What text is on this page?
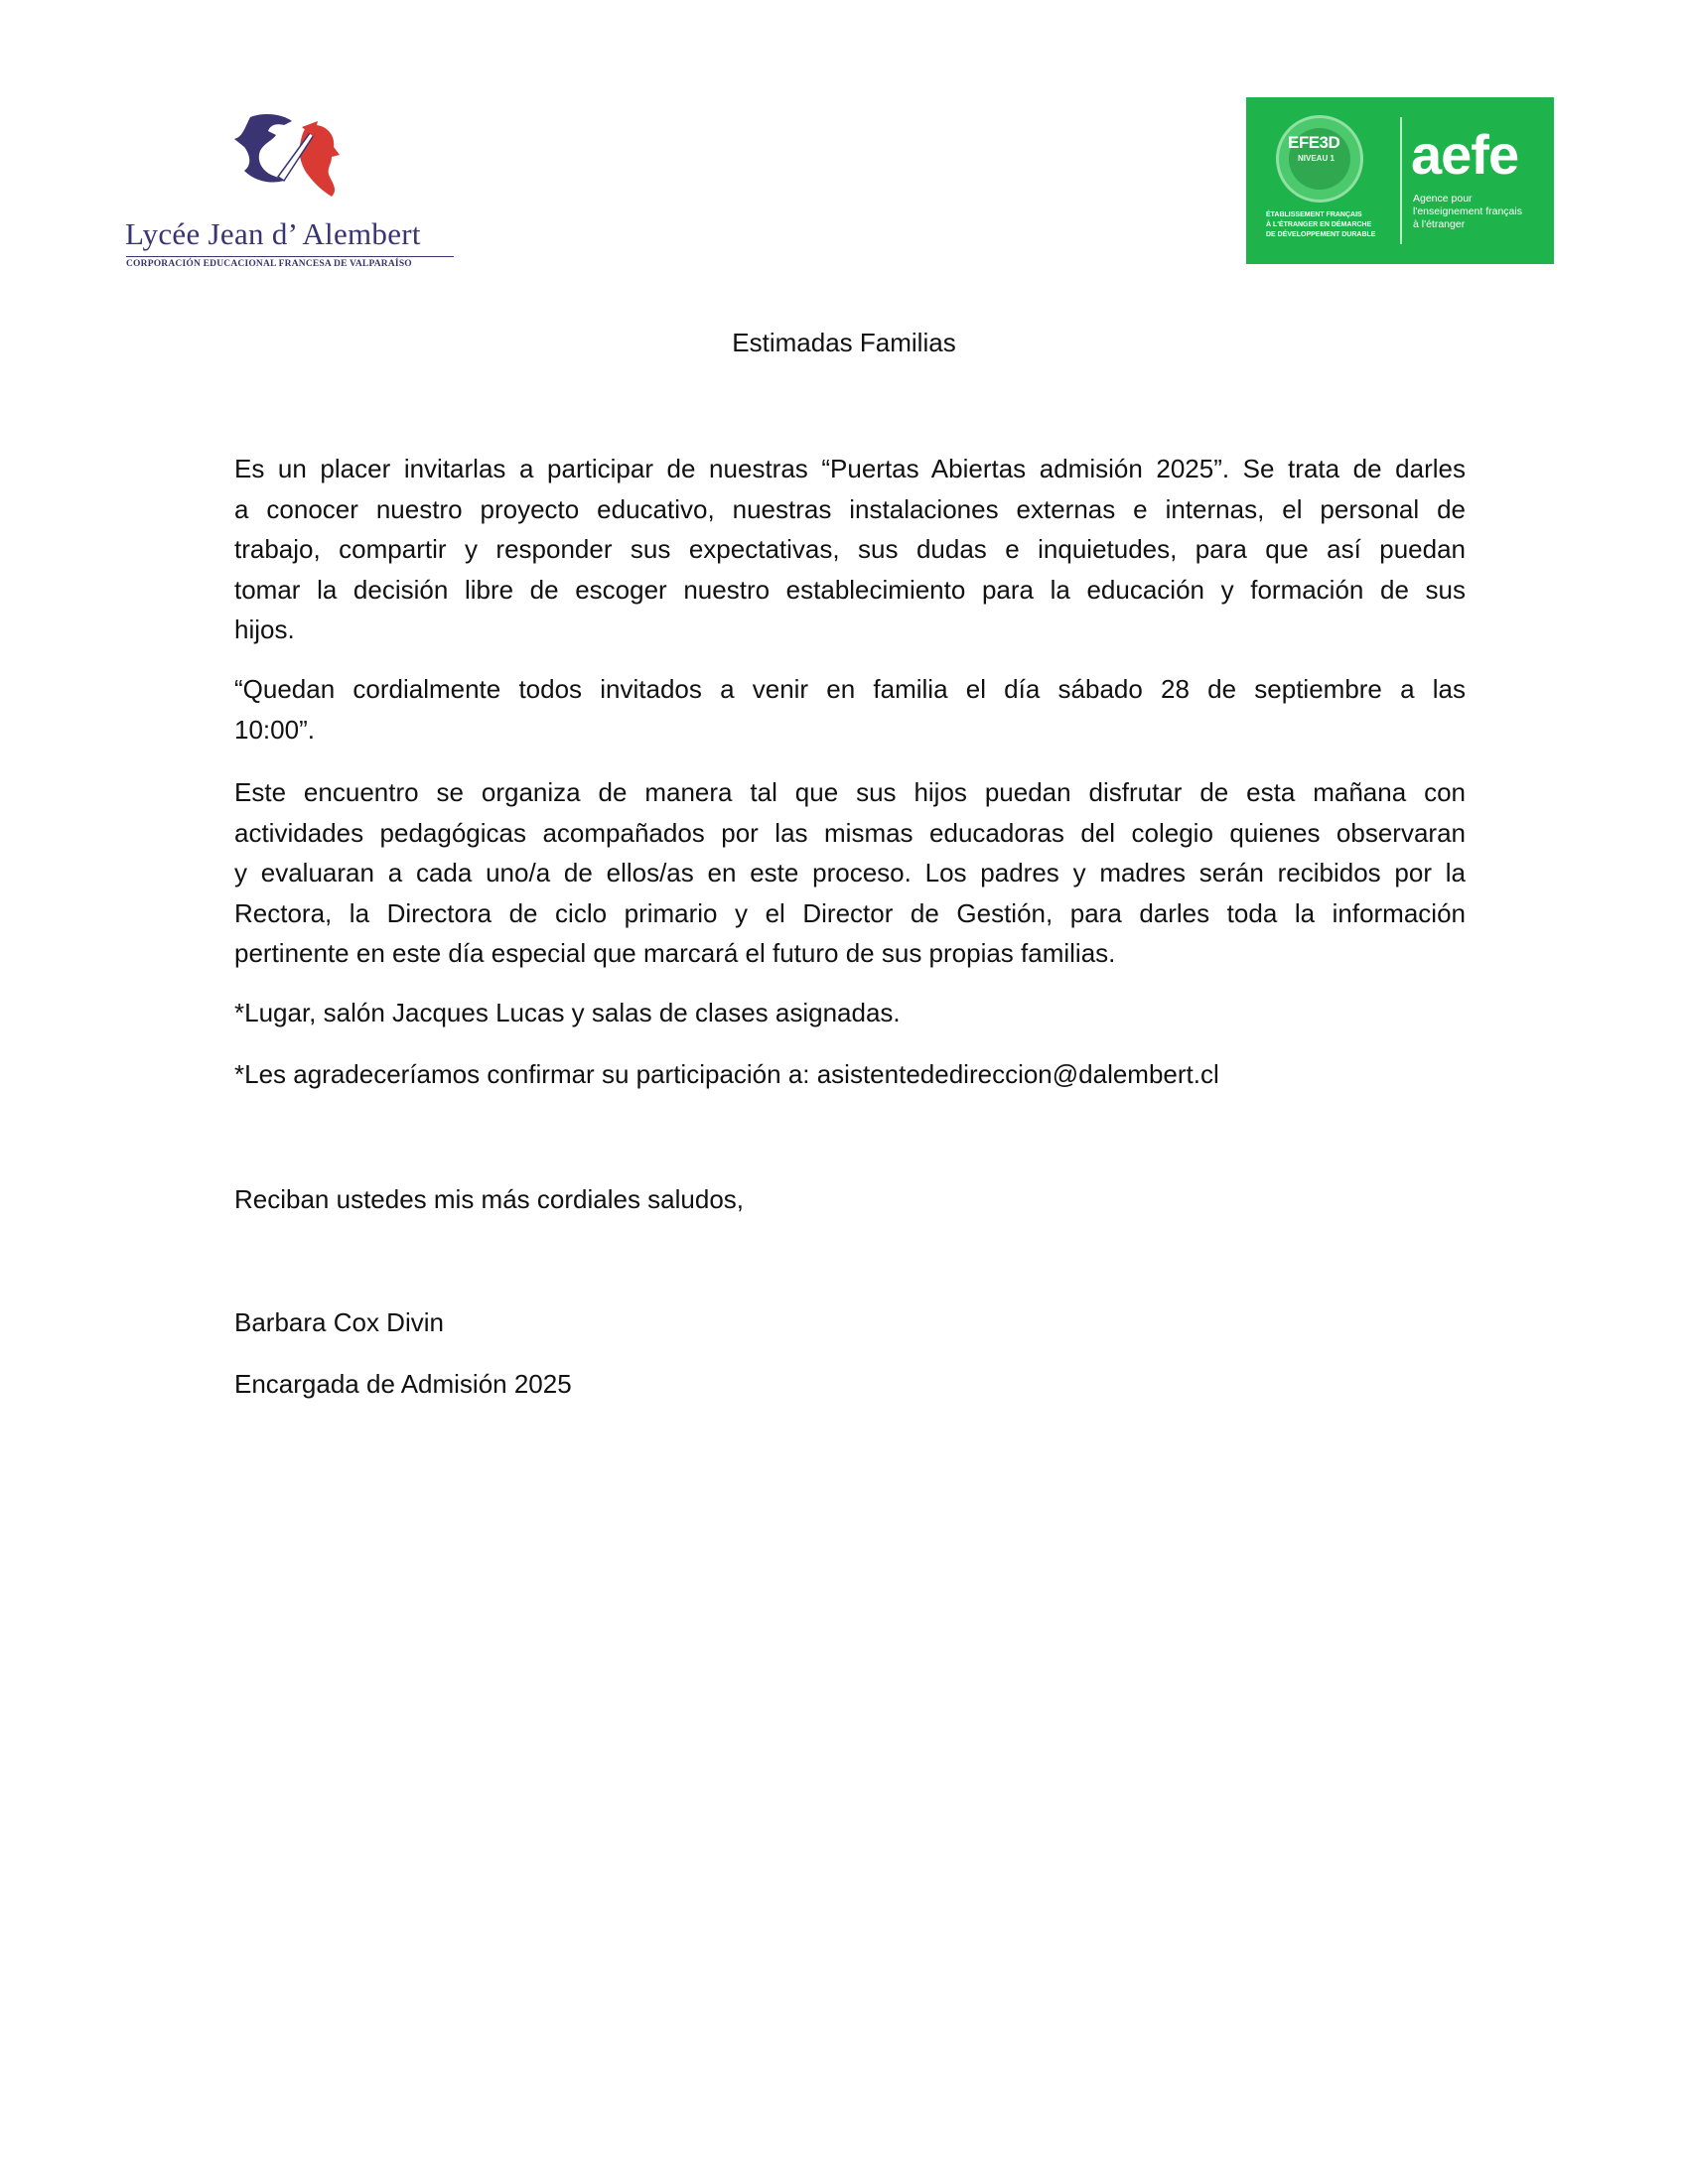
Lycée Jean d’ Alembert
CORPORACIÓN EDUCACIONAL FRANCESA DE VALPARAÍSO
EFE3D
NIVEAU 1
ÉTABLISSEMENT FRANÇAIS
À L'ÉTRANGER EN DÉMARCHE
DE DÉVELOPPEMENT DURABLE
aefe
Agence pour
l'enseignement français
à l'étranger
Estimadas Familias
Es un placer invitarlas a participar de nuestras “Puertas Abiertas admisión 2025”. Se trata de darles
a conocer nuestro proyecto educativo, nuestras instalaciones externas e internas, el personal de
trabajo, compartir y responder sus expectativas, sus dudas e inquietudes, para que así puedan
tomar la decisión libre de escoger nuestro establecimiento para la educación y formación de sus
hijos.
“Quedan cordialmente todos invitados a venir en familia el día sábado 28 de septiembre a las
10:00”.
Este encuentro se organiza de manera tal que sus hijos puedan disfrutar de esta mañana con
actividades pedagógicas acompañados por las mismas educadoras del colegio quienes observaran
y evaluaran a cada uno/a de ellos/as en este proceso. Los padres y madres serán recibidos por la
Rectora, la Directora de ciclo primario y el Director de Gestión, para darles toda la información
pertinente en este día especial que marcará el futuro de sus propias familias.
*Lugar, salón Jacques Lucas y salas de clases asignadas.
*Les agradeceríamos confirmar su participación a: asistentededireccion@dalembert.cl
Reciban ustedes mis más cordiales saludos,
Barbara Cox Divin
Encargada de Admisión 2025
